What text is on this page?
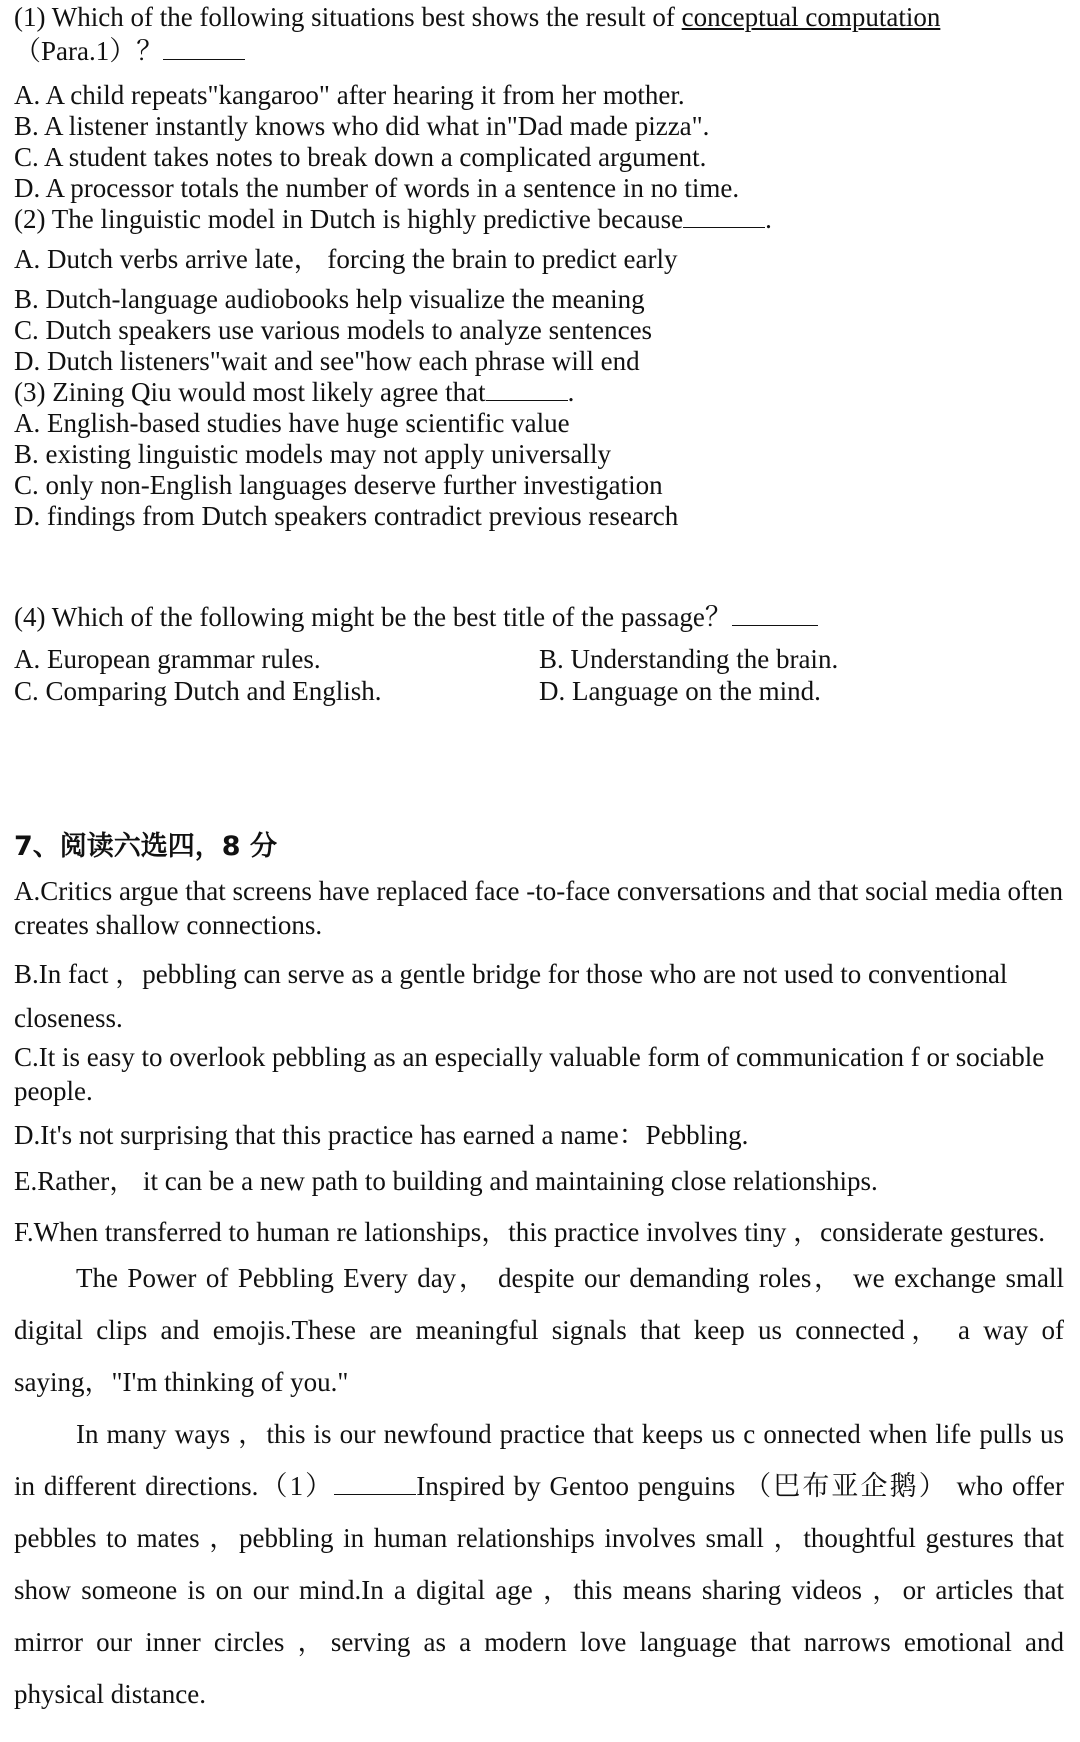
(1) Which of the following situations best shows the result of conceptual computation
（Para.1）？
A. A child repeats"kangaroo" after hearing it from her mother.
B. A listener instantly knows who did what in"Dad made pizza".
C. A student takes notes to break down a complicated argument.
D. A processor totals the number of words in a sentence in no time.
(2) The linguistic model in Dutch is highly predictive because	.
A. Dutch verbs arrive late， forcing the brain to predict early
B. Dutch-language audiobooks help visualize the meaning
C. Dutch speakers use various models to analyze sentences
D. Dutch listeners"wait and see"how each phrase will end
(3) Zining Qiu would most likely agree that	.
A. English-based studies have huge scientific value
B. existing linguistic models may not apply universally
C. only non-English languages deserve further investigation
D. findings from Dutch speakers contradict previous research
(4) Which of the following might be the best title of the passage？
A. European grammar rules.	B. Understanding the brain.
C. Comparing Dutch and English.	D. Language on the mind.
7、阅读六选四，8 分
A.Critics argue that screens have replaced face -to-face conversations and that social media often creates shallow connections.
B.In fact ，pebbling can serve as a gentle bridge for those who are not used to conventional closeness.
C.It is easy to overlook pebbling as an especially valuable form of communication f or sociable people.
D.It's not surprising that this practice has earned a name：Pebbling.
E.Rather， it can be a new path to building and maintaining close relationships.
F.When transferred to human re lationships，this practice involves tiny ，considerate gestures.
The Power of Pebbling Every day， despite our demanding roles， we exchange small digital clips and emojis.These are meaningful signals that keep us connected， a way of saying，"I'm thinking of you."
In many ways ，this is our newfound practice that keeps us c onnected when life pulls us in different directions.（1）	Inspired by Gentoo penguins （巴布亚企鹅） who offer pebbles to mates ，pebbling in human relationships involves small ，thoughtful gestures that show someone is on our mind.In a digital age ，this means sharing videos ，or articles that mirror our inner circles ，serving as a modern love language that narrows emotional and physical distance.
